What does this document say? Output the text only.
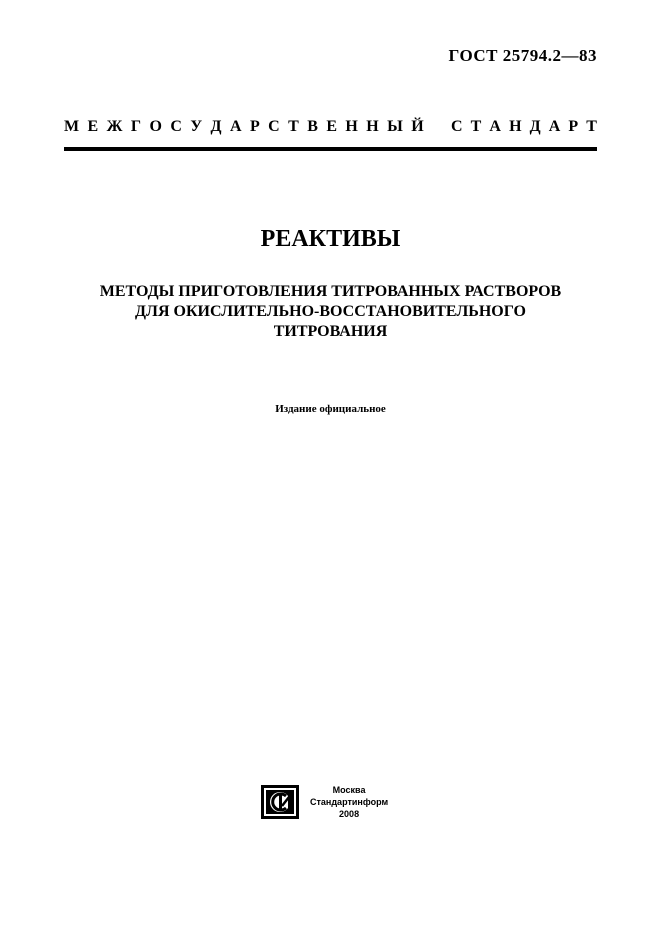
ГОСТ 25794.2—83
М Е Ж Г О С У Д А Р С Т В Е Н Н Ы Й С Т А Н Д А Р Т
РЕАКТИВЫ
МЕТОДЫ ПРИГОТОВЛЕНИЯ ТИТРОВАННЫХ РАСТВОРОВ
ДЛЯ ОКИСЛИТЕЛЬНО-ВОССТАНОВИТЕЛЬНОГО
ТИТРОВАНИЯ
Издание официальное
Москва
Стандартинформ
2008
